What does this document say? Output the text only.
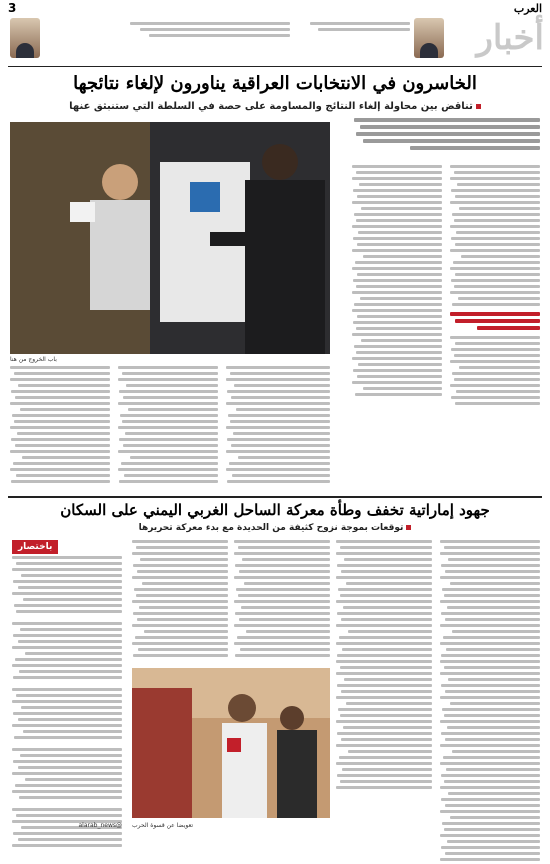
العرب
3
أخبار
الخاسرون في الانتخابات العراقية يناورون لإلغاء نتائجها
تناقض بين محاولة إلغاء النتائج والمساومة على حصة في السلطة التي ستنبثق عنها
باب الخروج من هنا
جهود إماراتية تخفف وطأة معركة الساحل الغربي اليمني على السكان
توقعات بموجة نزوح كثيفة من الحديدة مع بدء معركة تحريرها
باختصار
@alarab_news تعويضا عن قسوة الحرب
